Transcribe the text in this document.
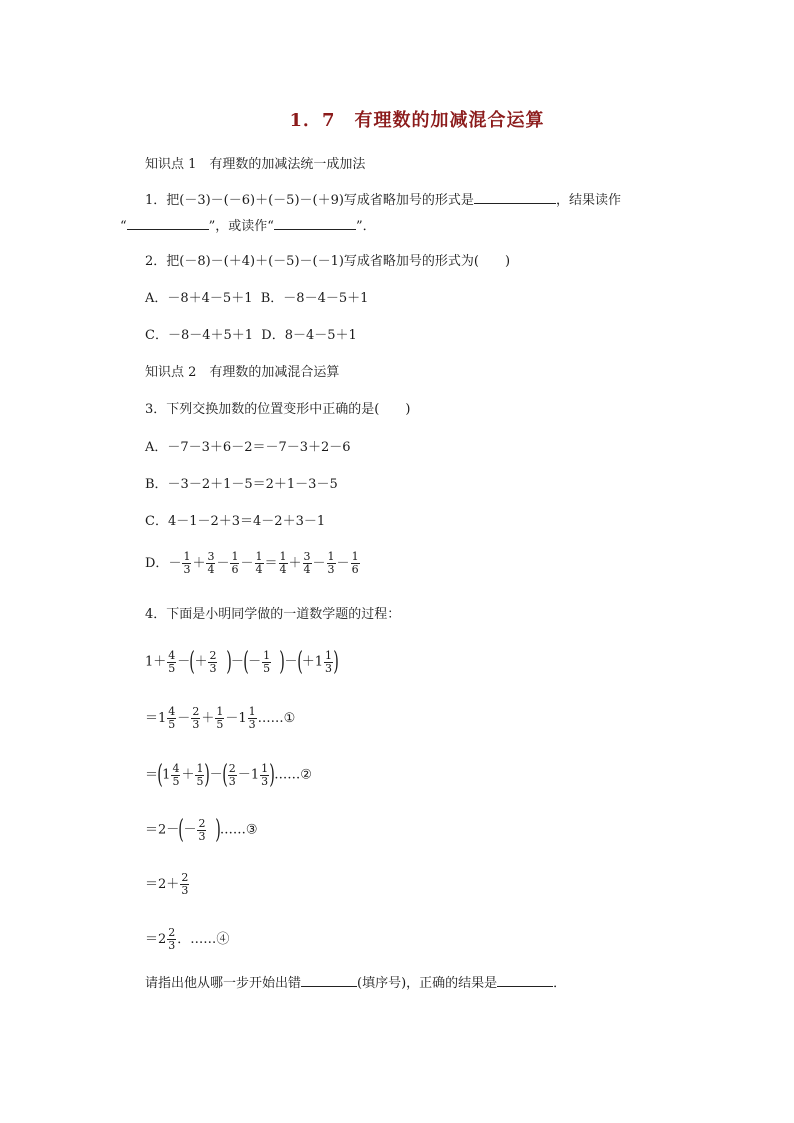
1．7　有理数的加减混合运算
知识点 1　有理数的加减法统一成加法
1．把(－3)－(－6)＋(－5)－(＋9)写成省略加号的形式是	，结果读作
“	”，或读作“	”．
2．把(－8)－(＋4)＋(－5)－(－1)写成省略加号的形式为(　　)
A．－8＋4－5＋1 B．－8－4－5＋1
C．－8－4＋5＋1 D．8－4－5＋1
知识点 2　有理数的加减混合运算
3．下列交换加数的位置变形中正确的是(　　)
A．－7－3＋6－2＝－7－3＋2－6
B．－3－2＋1－5＝2＋1－3－5
C．4－1－2＋3＝4－2＋3－1
D．－ $\frac{1}{3} + \frac{3}{4} - \frac{1}{6} - \frac{1}{4} = \frac{1}{4} + \frac{3}{4} - \frac{1}{3} - \frac{1}{6}$
4．下面是小明同学做的一道数学题的过程：
$1+ \frac{4}{5}$ －(＋ $\frac{2}{3}$ )－(－ $\frac{1}{5} )-(+1 \frac{1}{3}$ )
$=1 \frac{4}{5} - \frac{2}{3} + \frac{1}{5} -1 \frac{1}{3}$ ……①
$=(1 \frac{4}{5} + \frac{1}{5}$ )－( $\frac{2}{3} -1 \frac{1}{3}$ )……②
$=2-(- \frac{2}{3}$ )……③
$=2+ \frac{2}{3}$
$=2 \frac{2}{3}$ ．……④
请指出他从哪一步开始出错	(填序号)，正确的结果是	．
